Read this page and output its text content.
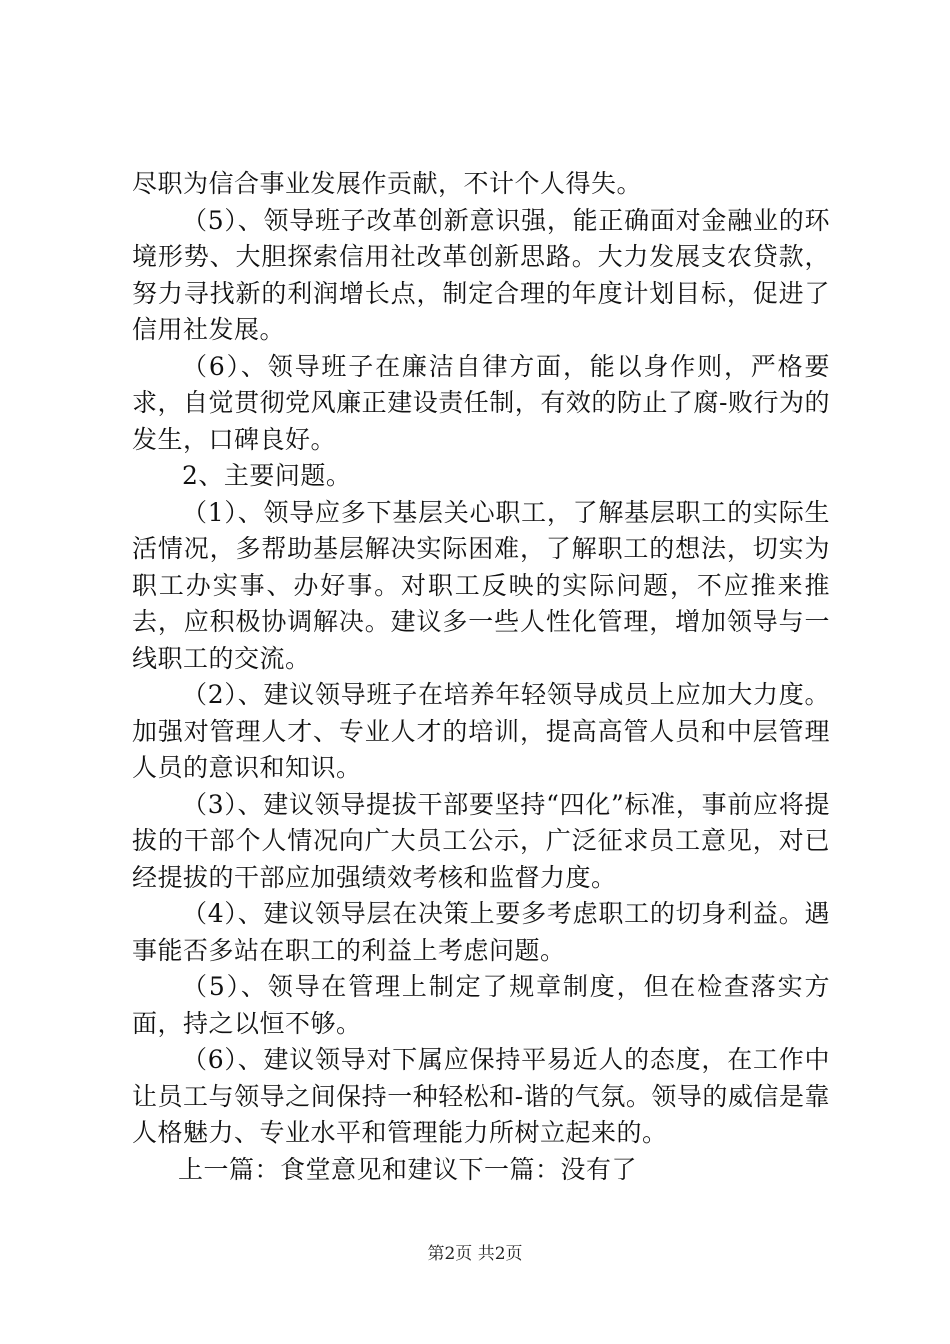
尽职为信合事业发展作贡献，不计个人得失。

（5）、领导班子改革创新意识强，能正确面对金融业的环境形势、大胆探索信用社改革创新思路。大力发展支农贷款，努力寻找新的利润增长点，制定合理的年度计划目标，促进了信用社发展。

（6）、领导班子在廉洁自律方面，能以身作则，严格要求，自觉贯彻党风廉正建设责任制，有效的防止了腐-败行为的发生，口碑良好。

2、主要问题。

（1）、领导应多下基层关心职工，了解基层职工的实际生活情况，多帮助基层解决实际困难，了解职工的想法，切实为职工办实事、办好事。对职工反映的实际问题，不应推来推去，应积极协调解决。建议多一些人性化管理，增加领导与一线职工的交流。

（2）、建议领导班子在培养年轻领导成员上应加大力度。加强对管理人才、专业人才的培训，提高高管人员和中层管理人员的意识和知识。

（3）、建议领导提拔干部要坚持“四化”标准，事前应将提拔的干部个人情况向广大员工公示，广泛征求员工意见，对已经提拔的干部应加强绩效考核和监督力度。

（4）、建议领导层在决策上要多考虑职工的切身利益。遇事能否多站在职工的利益上考虑问题。

（5）、领导在管理上制定了规章制度，但在检查落实方面，持之以恒不够。

（6）、建议领导对下属应保持平易近人的态度，在工作中让员工与领导之间保持一种轻松和-谐的气氛。领导的威信是靠人格魅力、专业水平和管理能力所树立起来的。

上一篇：食堂意见和建议下一篇：没有了

第2页 共2页
